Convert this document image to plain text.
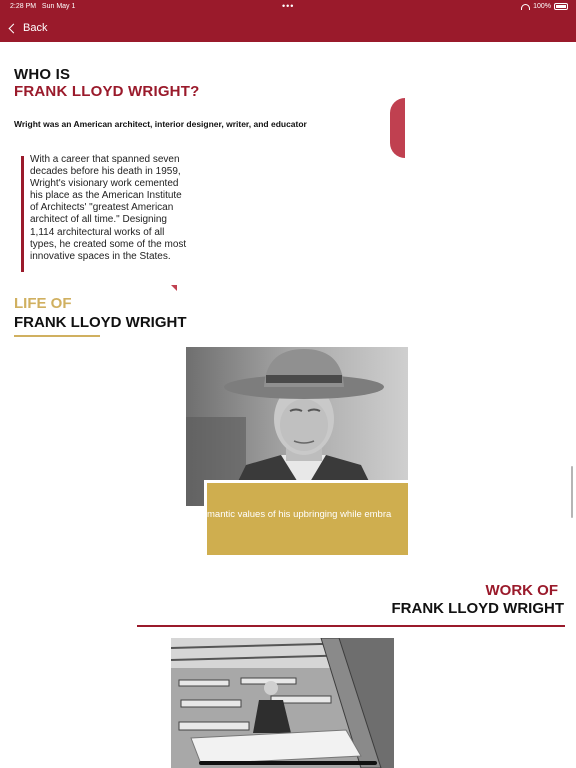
2:28 PM Sun May 1	•••	100%
Back
WHO IS
FRANK LLOYD WRIGHT?
Wright was an American architect, interior designer, writer, and educator
With a career that spanned seven decades before his death in 1959, Wright's visionary work cemented his place as the American Institute of Architects' "greatest American architect of all time." Designing 1,114 architectural works of all types, he created some of the most innovative spaces in the States.
LIFE OF
FRANK LLOYD WRIGHT
mantic values of his upbringing while embra
WORK OF
FRANK LLOYD WRIGHT
